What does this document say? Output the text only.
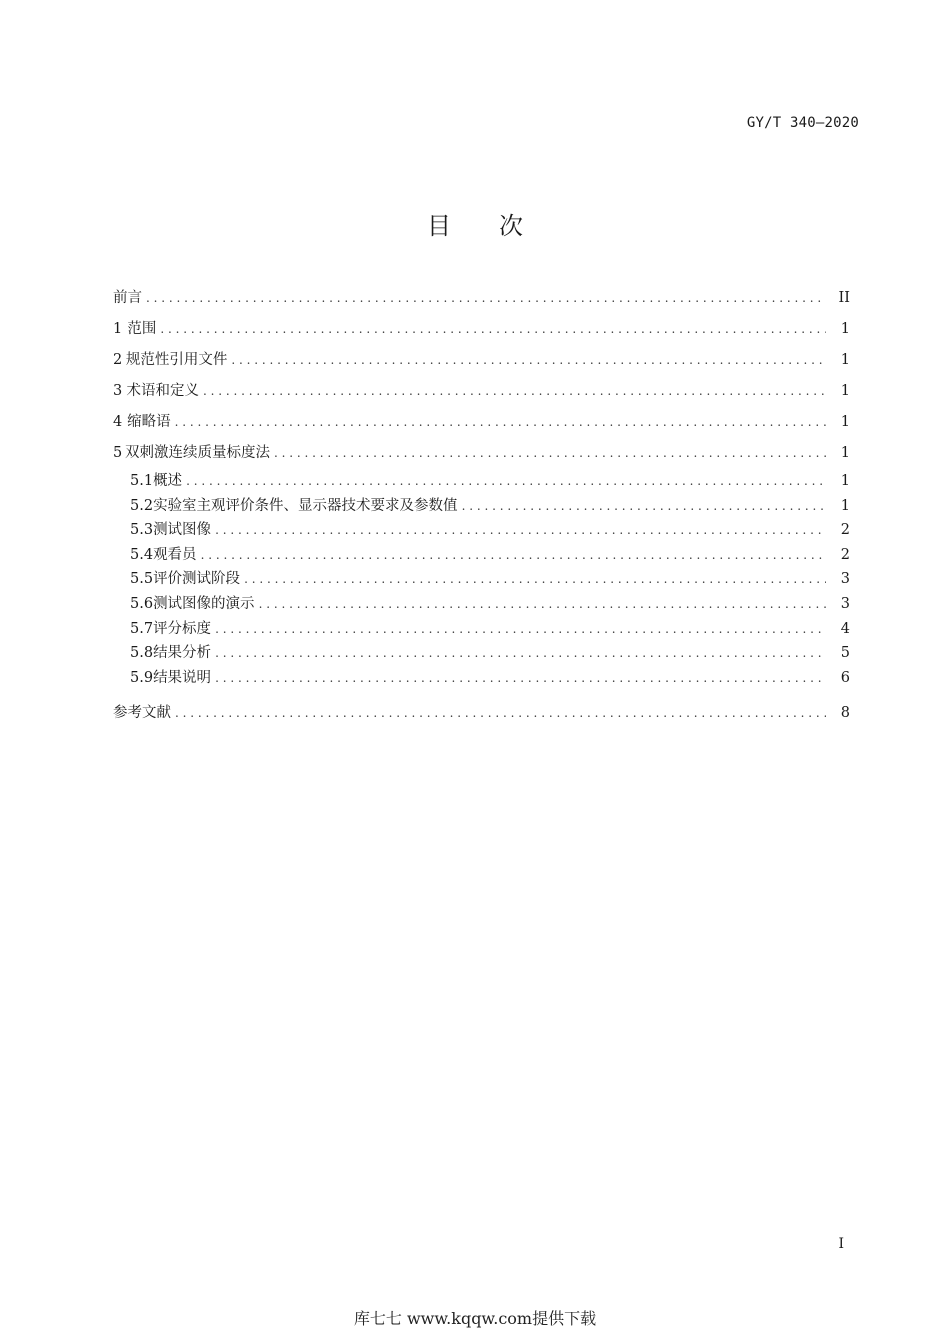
GY/T 340—2020
目 次
前言 . . .	II
1 范围 . . .	1
2 规范性引用文件 . . .	1
3 术语和定义 . . .	1
4 缩略语 . . .	1
5 双刺激连续质量标度法 . . .	1
5.1 概述 . . .	1
5.2 实验室主观评价条件、显示器技术要求及参数值 . . .	1
5.3 测试图像 . . .	2
5.4 观看员 . . .	2
5.5 评价测试阶段 . . .	3
5.6 测试图像的演示 . . .	3
5.7 评分标度 . . .	4
5.8 结果分析 . . .	5
5.9 结果说明 . . .	6
参考文献 . . .	8
I
库七七 www.kqqw.com提供下载
